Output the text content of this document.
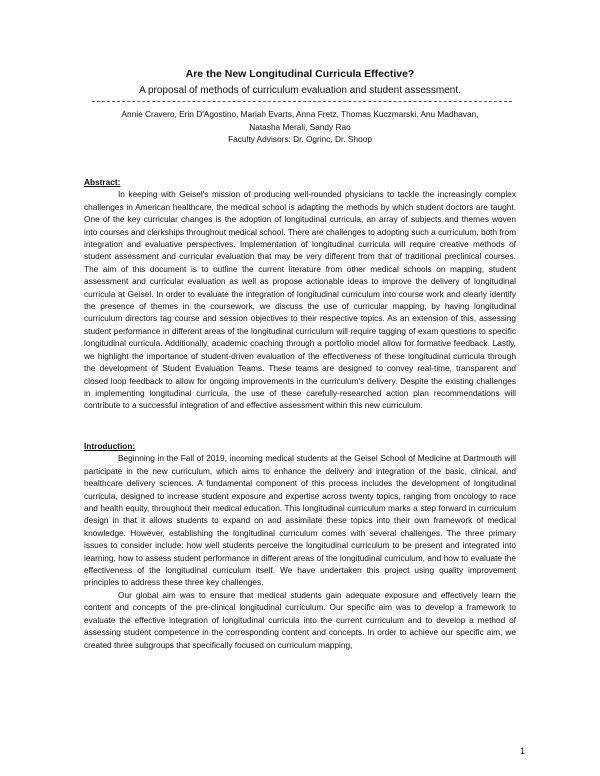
Are the New Longitudinal Curricula Effective?
A proposal of methods of curriculum evaluation and student assessment.
Annie Cravero, Erin D'Agostino, Mariah Evarts, Anna Fretz, Thomas Kuczmarski, Anu Madhavan,
Natasha Merali, Sandy Rao
Faculty Advisors: Dr. Ogrinc, Dr. Shoop
Abstract:

In keeping with Geisel's mission of producing well-rounded physicians to tackle the increasingly complex challenges in American healthcare, the medical school is adapting the methods by which student doctors are taught. One of the key curricular changes is the adoption of longitudinal curricula, an array of subjects and themes woven into courses and clerkships throughout medical school. There are challenges to adopting such a curriculum, both from integration and evaluative perspectives. Implementation of longitudinal curricula will require creative methods of student assessment and curricular evaluation that may be very different from that of traditional preclinical courses. The aim of this document is to outline the current literature from other medical schools on mapping, student assessment and curricular evaluation as well as propose actionable ideas to improve the delivery of longitudinal curricula at Geisel. In order to evaluate the integration of longitudinal curriculum into course work and clearly identify the presence of themes in the coursework, we discuss the use of curricular mapping, by having longitudinal curriculum directors tag course and session objectives to their respective topics. As an extension of this, assessing student performance in different areas of the longitudinal curriculum will require tagging of exam questions to specific longitudinal curricula. Additionally, academic coaching through a portfolio model allow for formative feedback. Lastly, we highlight the importance of student-driven evaluation of the effectiveness of these longitudinal curricula through the development of Student Evaluation Teams. These teams are designed to convey real-time, transparent and closed loop feedback to allow for ongoing improvements in the curriculum's delivery. Despite the existing challenges in implementing longitudinal curricula, the use of these carefully-researched action plan recommendations will contribute to a successful integration of and effective assessment within this new curriculum.

Introduction:

Beginning in the Fall of 2019, incoming medical students at the Geisel School of Medicine at Dartmouth will participate in the new curriculum, which aims to enhance the delivery and integration of the basic, clinical, and healthcare delivery sciences. A fundamental component of this process includes the development of longitudinal curricula, designed to increase student exposure and expertise across twenty topics, ranging from oncology to race and health equity, throughout their medical education. This longitudinal curriculum marks a step forward in curriculum design in that it allows students to expand on and assimilate these topics into their own framework of medical knowledge. However, establishing the longitudinal curriculum comes with several challenges. The three primary issues to consider include: how well students perceive the longitudinal curriculum to be present and integrated into learning, how to assess student performance in different areas of the longitudinal curriculum, and how to evaluate the effectiveness of the longitudinal curriculum itself. We have undertaken this project using quality improvement principles to address these three key challenges.

Our global aim was to ensure that medical students gain adequate exposure and effectively learn the content and concepts of the pre-clinical longitudinal curriculum. Our specific aim was to develop a framework to evaluate the effective integration of longitudinal curricula into the current curriculum and to develop a method of assessing student competence in the corresponding content and concepts. In order to achieve our specific aim, we created three subgroups that specifically focused on curriculum mapping,

1
